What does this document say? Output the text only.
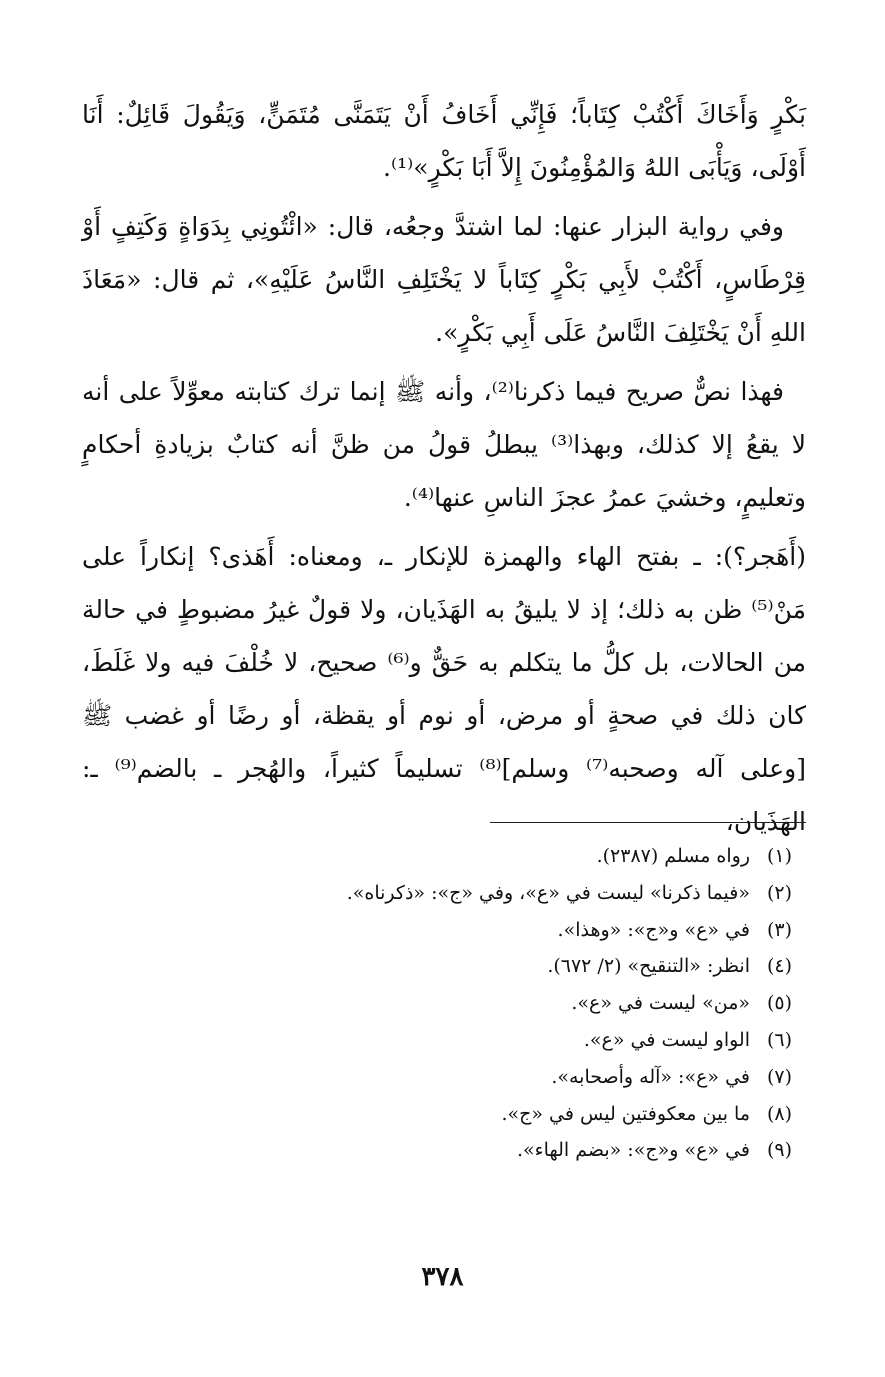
بَكْرٍ وَأَخَاكَ أَكْتُبْ كِتَاباً؛ فَإِنِّي أَخَافُ أَنْ يَتَمَنَّى مُتَمَنٍّ، وَيَقُولَ قَائِلٌ: أَنَا أَوْلَى، وَيَأْبَى اللهُ وَالمُؤْمِنُونَ إِلاَّ أَبَا بَكْرٍ»⁽¹⁾.

وفي رواية البزار عنها: لما اشتدَّ وجعُه، قال: «ائْتُونِي بِدَوَاةٍ وَكَتِفٍ أَوْ قِرْطَاسٍ، أَكْتُبْ لأَبِي بَكْرٍ كِتَاباً لا يَخْتَلِفِ النَّاسُ عَلَيْهِ»، ثم قال: «مَعَاذَ اللهِ أَنْ يَخْتَلِفَ النَّاسُ عَلَى أَبِي بَكْرٍ».

فهذا نصٌّ صريح فيما ذكرنا⁽²⁾، وأنه ﷺ إنما ترك كتابته معوِّلاً على أنه لا يقعُ إلا كذلك، وبهذا⁽³⁾ يبطلُ قولُ من ظنَّ أنه كتابٌ بزيادةِ أحكامٍ وتعليمٍ، وخشيَ عمرُ عجزَ الناسِ عنها⁽⁴⁾.

(أَهَجر؟): ـ بفتح الهاء والهمزة للإنكار ـ، ومعناه: أَهَذى؟ إنكاراً على مَنْ⁽⁵⁾ ظن به ذلك؛ إذ لا يليقُ به الهَذَيان، ولا قولٌ غيرُ مضبوطٍ في حالة من الحالات، بل كلُّ ما يتكلم به حَقٌّ و⁽⁶⁾ صحيح، لا خُلْفَ فيه ولا غَلَطَ، كان ذلك في صحةٍ أو مرض، أو نوم أو يقظة، أو رضًا أو غضب ﷺ [وعلى آله وصحبه⁽⁷⁾ وسلم]⁽⁸⁾ تسليماً كثيراً، والهُجر ـ بالضم⁽⁹⁾ ـ: الهَذَيان،

(١)
رواه مسلم (٢٣٨٧).
(٢)
«فيما ذكرنا» ليست في «ع»، وفي «ج»: «ذكرناه».
(٣)
في «ع» و«ج»: «وهذا».
(٤)
انظر: «التنقيح» (٢/ ٦٧٢).
(٥)
«من» ليست في «ع».
(٦)
الواو ليست في «ع».
(٧)
في «ع»: «آله وأصحابه».
(٨)
ما بين معكوفتين ليس في «ج».
(٩)
في «ع» و«ج»: «بضم الهاء».
٣٧٨
